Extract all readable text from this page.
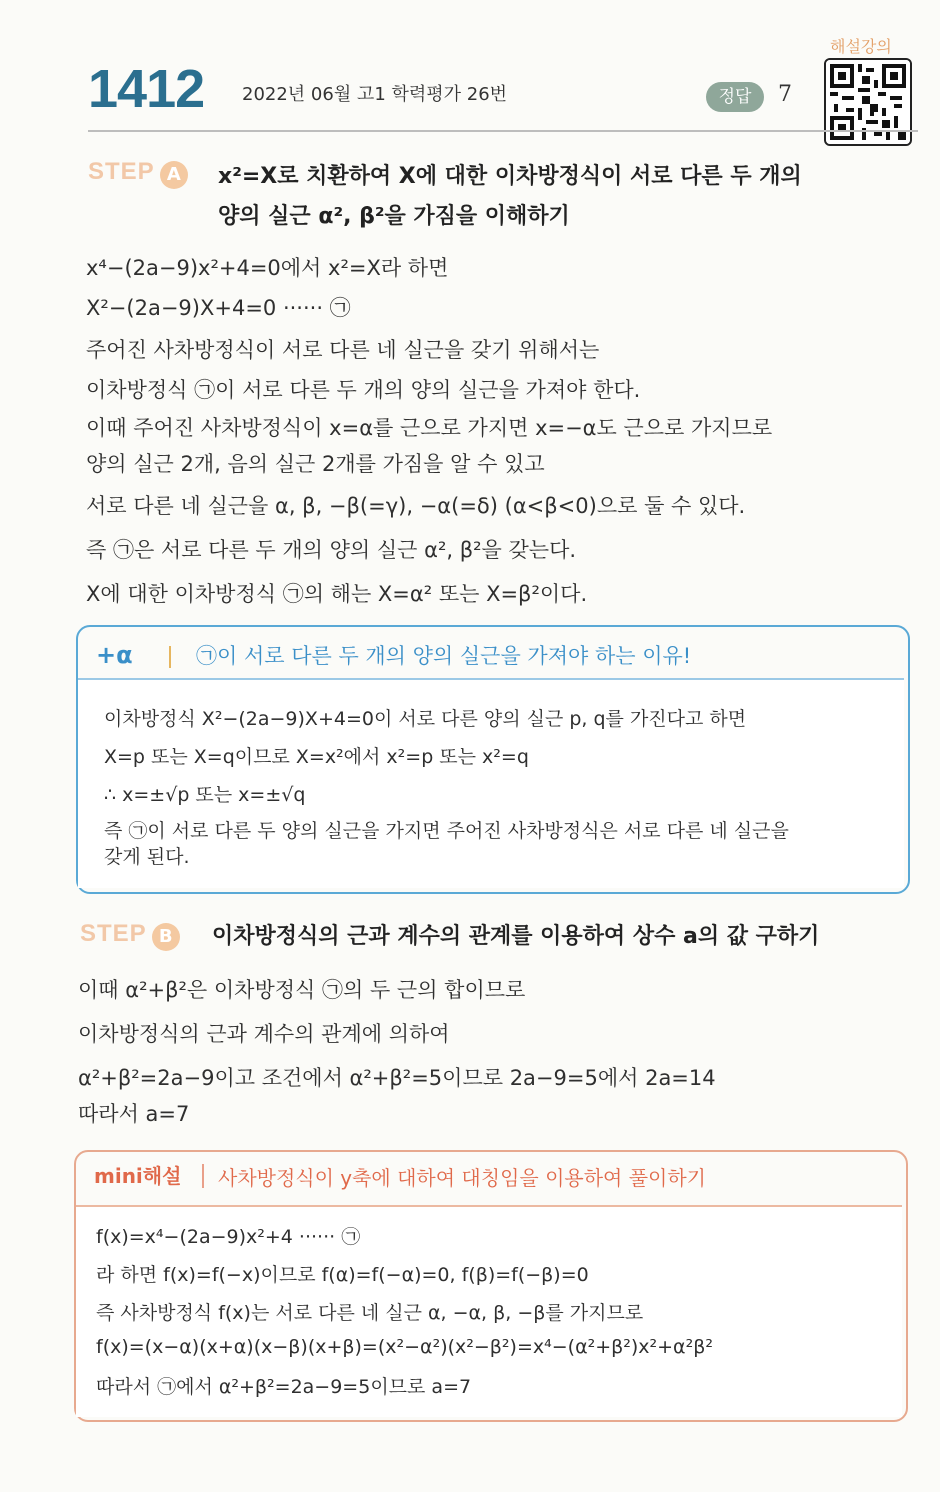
1412 2022년 06월 고1 학력평가 26번	정답	7
해설강의
STEP A	x²=X로 치환하여 X에 대한 이차방정식이 서로 다른 두 개의
양의 실근 α², β²을 가짐을 이해하기
x⁴−(2a−9)x²+4=0에서 x²=X라 하면
X²−(2a−9)X+4=0 ······ ㉠
주어진 사차방정식이 서로 다른 네 실근을 갖기 위해서는
이차방정식 ㉠이 서로 다른 두 개의 양의 실근을 가져야 한다.
이때 주어진 사차방정식이 x=α를 근으로 가지면 x=−α도 근으로 가지므로
양의 실근 2개, 음의 실근 2개를 가짐을 알 수 있고
서로 다른 네 실근을 α, β, −β(=γ), −α(=δ) (α<β<0)으로 둘 수 있다.
즉 ㉠은 서로 다른 두 개의 양의 실근 α², β²을 갖는다.
X에 대한 이차방정식 ㉠의 해는 X=α² 또는 X=β²이다.
+α	㉠이 서로 다른 두 개의 양의 실근을 가져야 하는 이유!
이차방정식 X²−(2a−9)X+4=0이 서로 다른 양의 실근 p, q를 가진다고 하면
X=p 또는 X=q이므로 X=x²에서 x²=p 또는 x²=q
∴ x=±√p 또는 x=±√q
즉 ㉠이 서로 다른 두 양의 실근을 가지면 주어진 사차방정식은 서로 다른 네 실근을
갖게 된다.
STEP B	이차방정식의 근과 계수의 관계를 이용하여 상수 a의 값 구하기
이때 α²+β²은 이차방정식 ㉠의 두 근의 합이므로
이차방정식의 근과 계수의 관계에 의하여
α²+β²=2a−9이고 조건에서 α²+β²=5이므로 2a−9=5에서 2a=14
따라서 a=7
mini해설 사차방정식이 y축에 대하여 대칭임을 이용하여 풀이하기
f(x)=x⁴−(2a−9)x²+4 ······ ㉠
라 하면 f(x)=f(−x)이므로 f(α)=f(−α)=0, f(β)=f(−β)=0
즉 사차방정식 f(x)는 서로 다른 네 실근 α, −α, β, −β를 가지므로
f(x)=(x−α)(x+α)(x−β)(x+β)=(x²−α²)(x²−β²)=x⁴−(α²+β²)x²+α²β²
따라서 ㉠에서 α²+β²=2a−9=5이므로 a=7
